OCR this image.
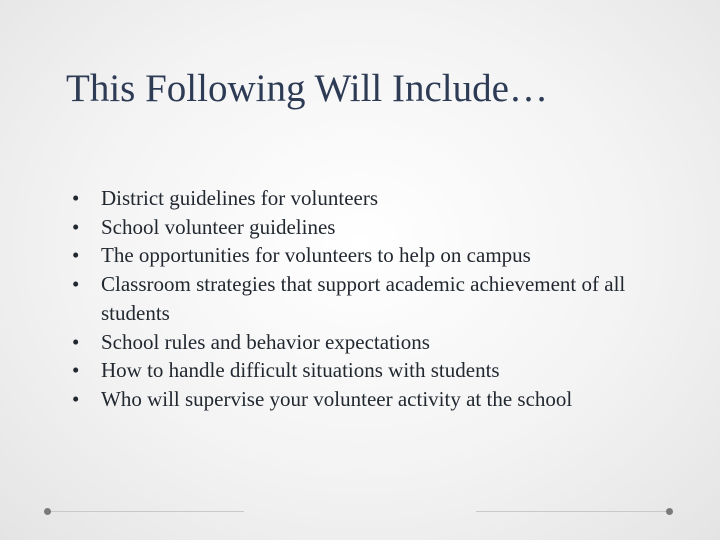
This Following Will Include…
•	District guidelines for volunteers
•	School volunteer guidelines
•	The opportunities for volunteers to help on campus
•	Classroom strategies that support academic achievement of all students
•	School rules and behavior expectations
•	How to handle difficult situations with students
•	Who will supervise your volunteer activity at the school
